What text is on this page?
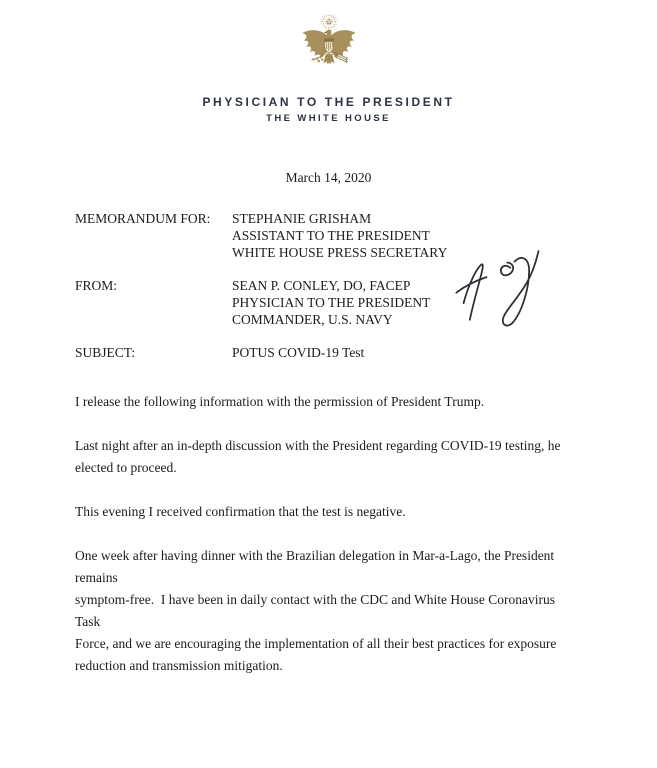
PHYSICIAN TO THE PRESIDENT
THE WHITE HOUSE
March 14, 2020
MEMORANDUM FOR:	STEPHANIE GRISHAM
ASSISTANT TO THE PRESIDENT
WHITE HOUSE PRESS SECRETARY
FROM:	SEAN P. CONLEY, DO, FACEP
PHYSICIAN TO THE PRESIDENT
COMMANDER, U.S. NAVY
SUBJECT:	POTUS COVID-19 Test
I release the following information with the permission of President Trump.
Last night after an in-depth discussion with the President regarding COVID-19 testing, he
elected to proceed.
This evening I received confirmation that the test is negative.
One week after having dinner with the Brazilian delegation in Mar-a-Lago, the President remains
symptom-free.  I have been in daily contact with the CDC and White House Coronavirus Task
Force, and we are encouraging the implementation of all their best practices for exposure
reduction and transmission mitigation.
